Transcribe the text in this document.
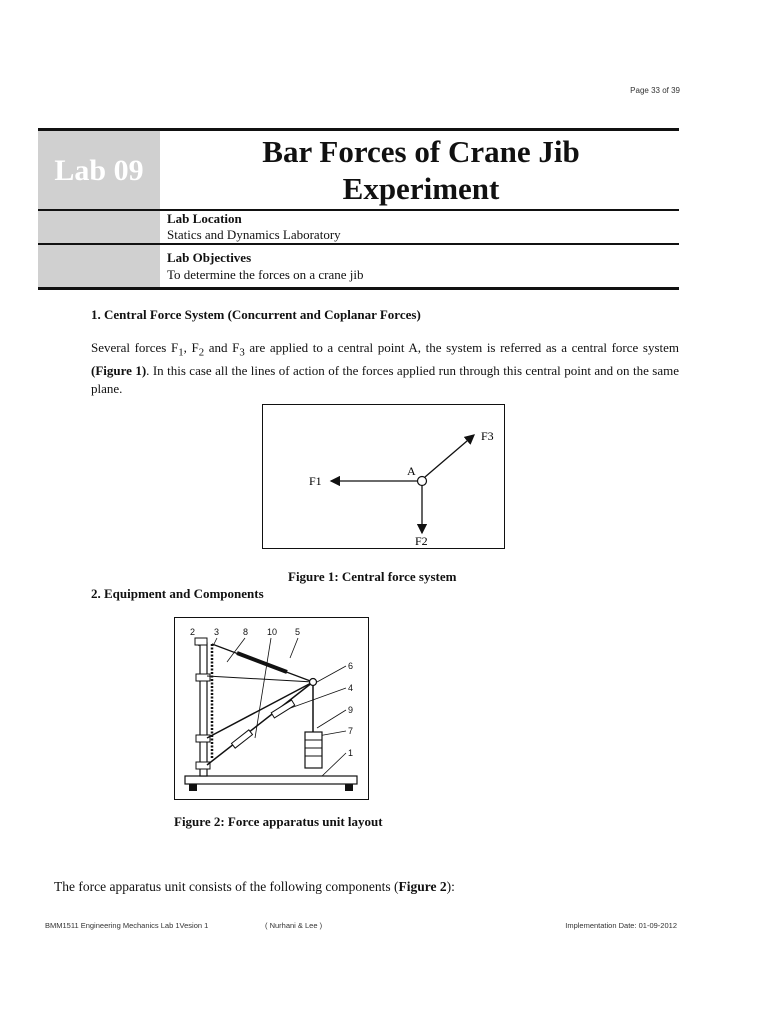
Page 33 of 39
Lab 09
Bar Forces of Crane Jib
Experiment
Lab Location
Statics and Dynamics Laboratory
Lab Objectives
To determine the forces on a crane jib
1. Central Force System (Concurrent and Coplanar Forces)
Several forces $F_1$, $F_2$ and $F_3$ are applied to a central point A, the system is referred as a central force system (Figure 1). In this case all the lines of action of the forces applied run through this central point and on the same plane.
F1
F2
F3
A
Figure 1: Central force system
2. Equipment and Components
2 3	8 10 5
6
4
9
7
1
Figure 2: Force apparatus unit layout
The force apparatus unit consists of the following components (Figure 2):
BMM1511 Engineering Mechanics Lab 1Vesion 1	( Nurhani & Lee )	Implementation Date: 01-09-2012
